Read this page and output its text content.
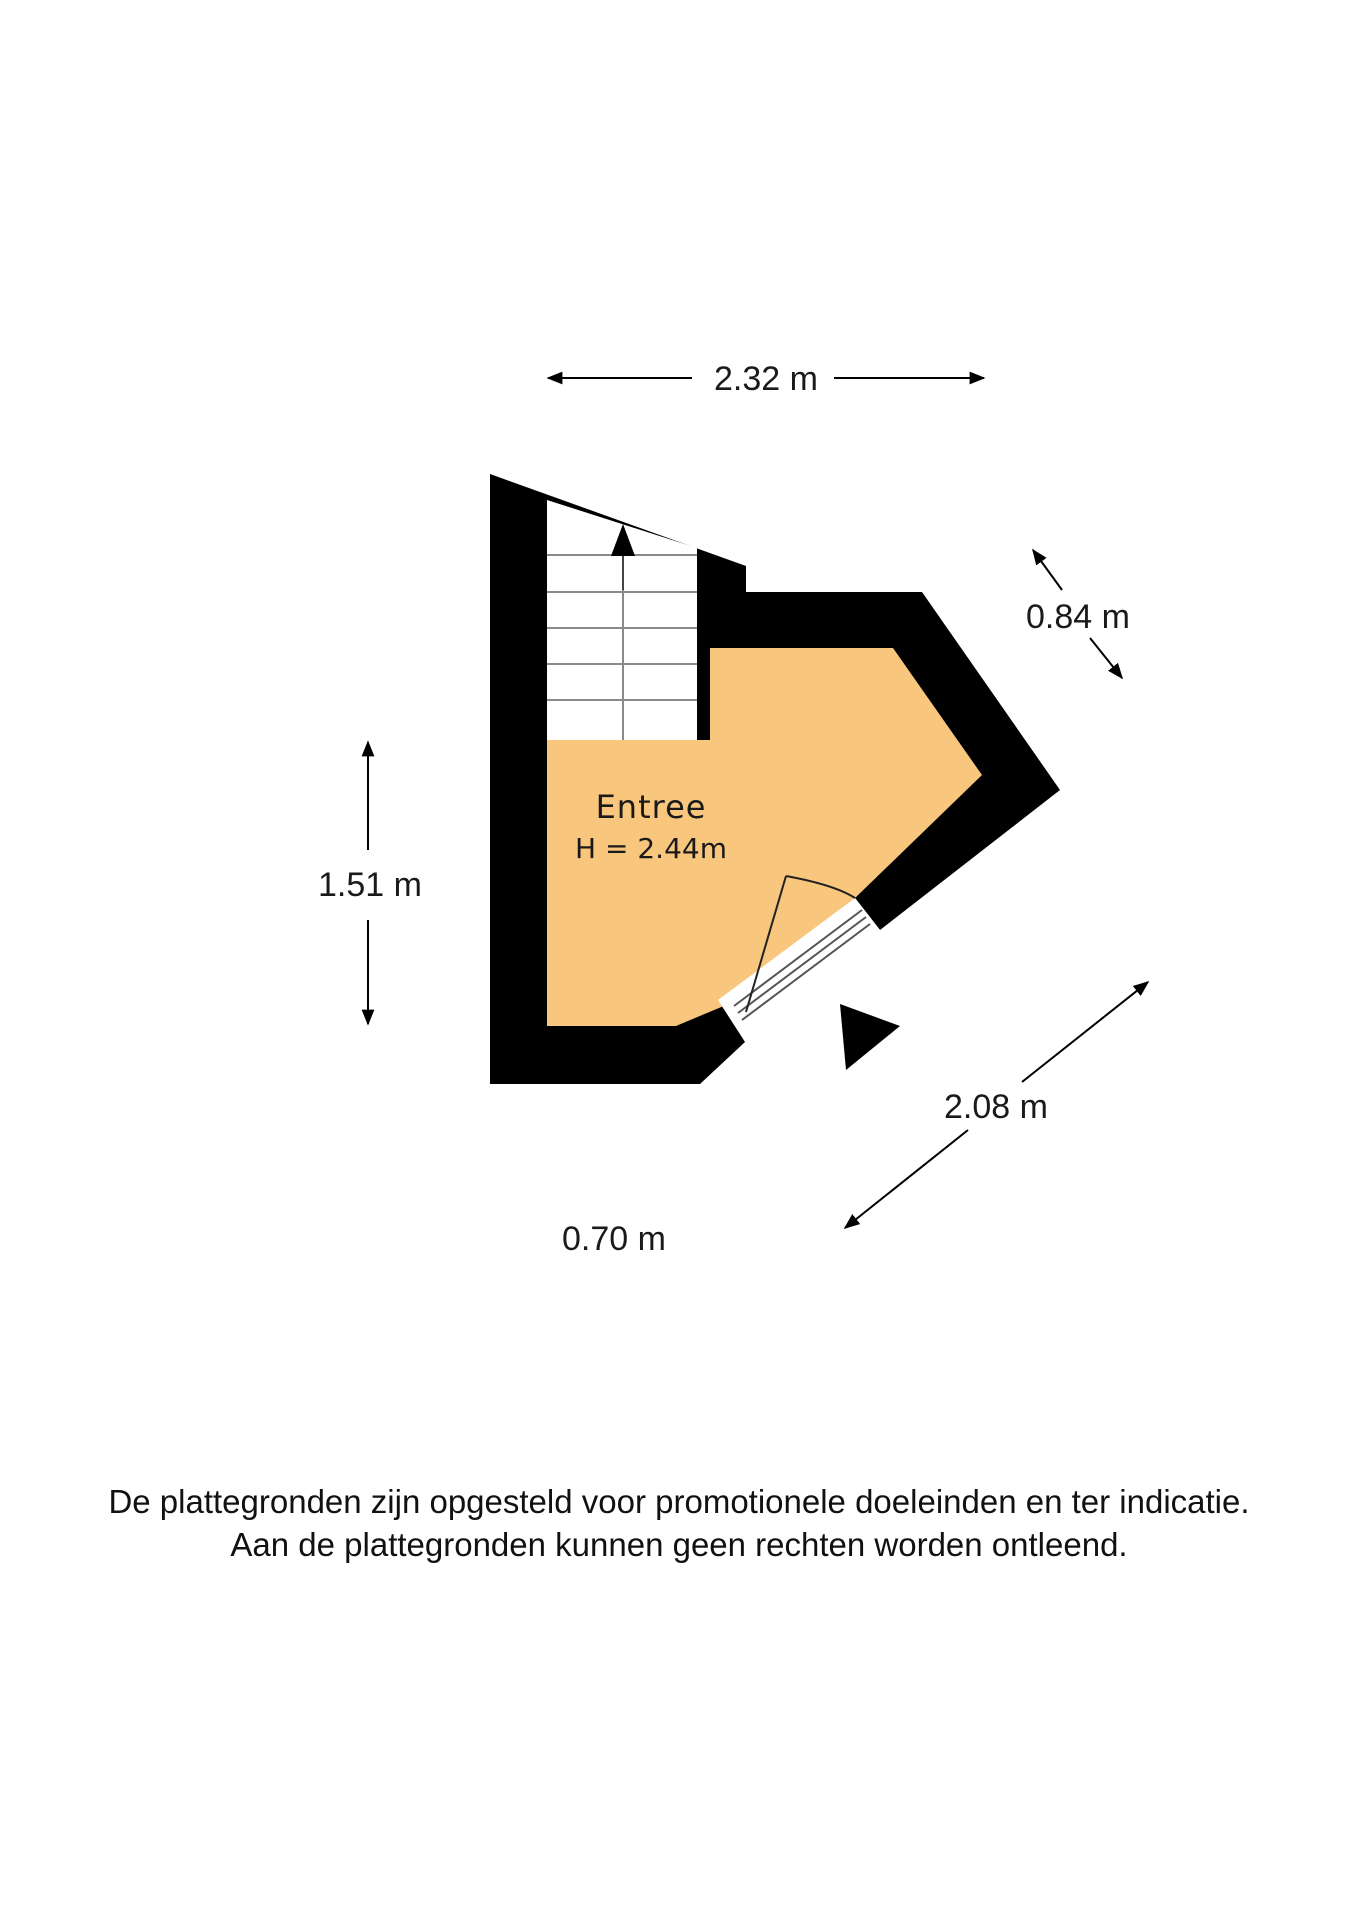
2.32 m
0.84 m
1.51 m
2.08 m
0.70 m
Entree
H = 2.44m
De plattegronden zijn opgesteld voor promotionele doeleinden en ter indicatie.
Aan de plattegronden kunnen geen rechten worden ontleend.
